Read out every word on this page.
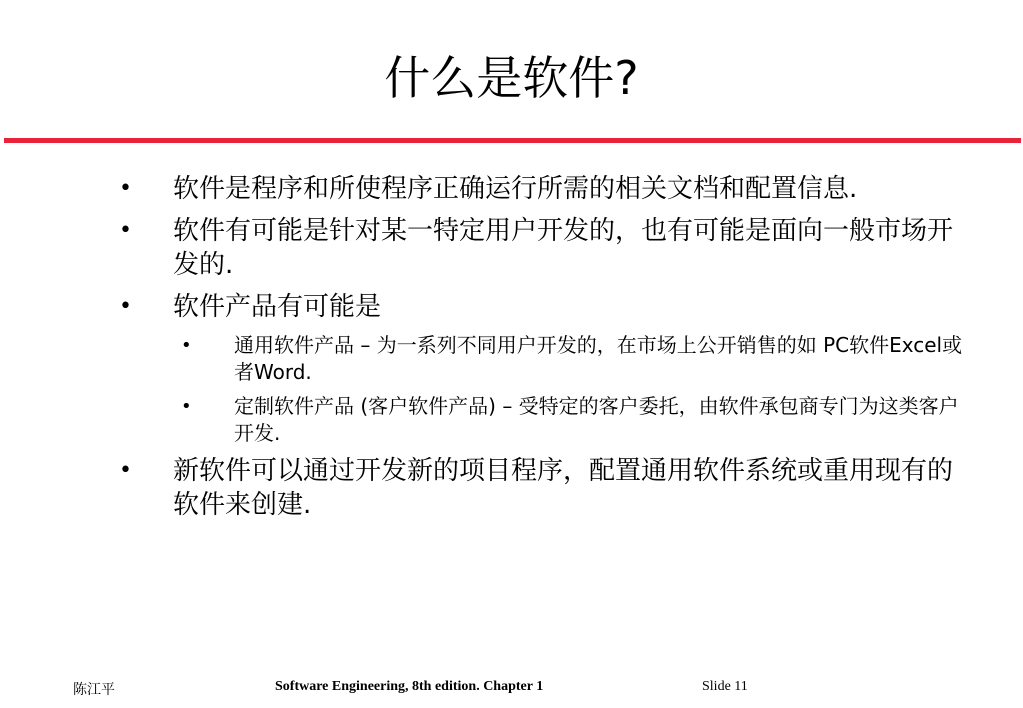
什么是软件?
• 软件是程序和所使程序正确运行所需的相关文档和配置信息.
• 软件有可能是针对某一特定用户开发的，也有可能是面向一般市场开发的.
• 软件产品有可能是
• 通用软件产品 – 为一系列不同用户开发的，在市场上公开销售的如 PC软件Excel或者Word.
• 定制软件产品 (客户软件产品) – 受特定的客户委托，由软件承包商专门为这类客户开发.
• 新软件可以通过开发新的项目程序，配置通用软件系统或重用现有的软件来创建.
陈江平	Software Engineering, 8th edition. Chapter 1	Slide 11
